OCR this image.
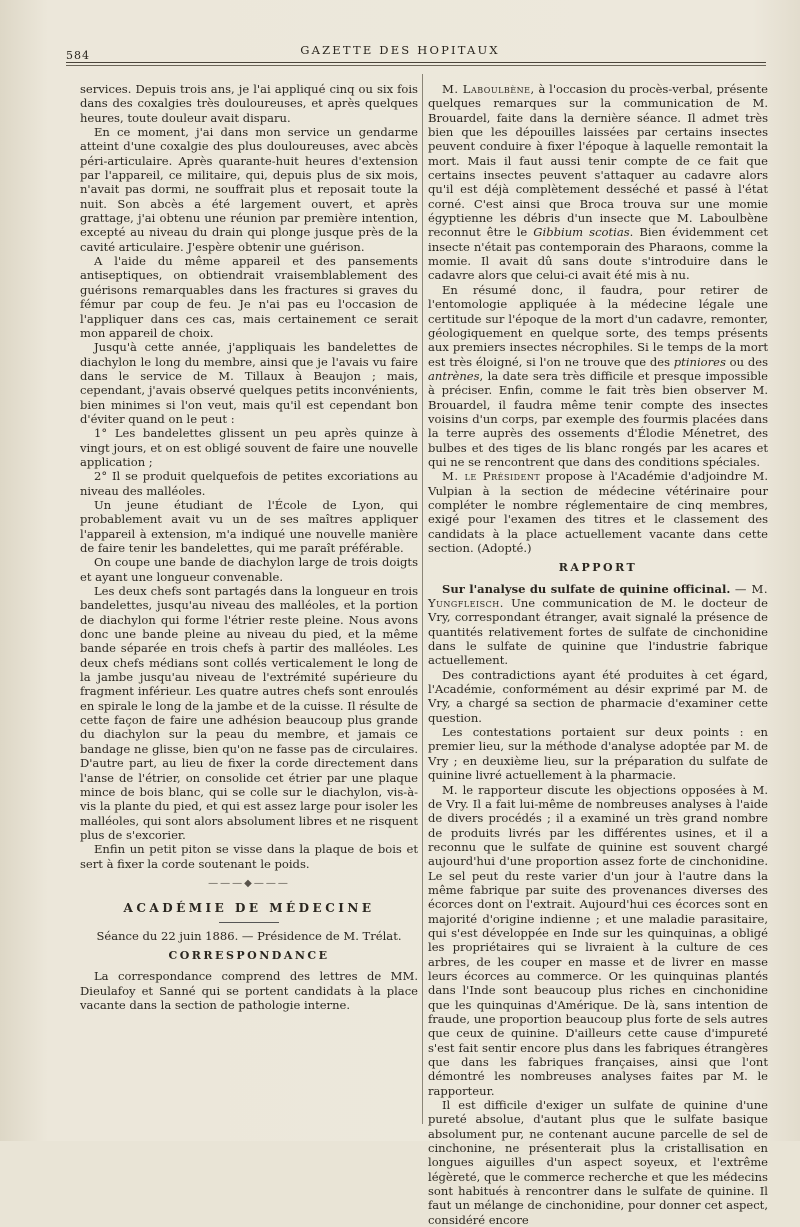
584	GAZETTE DES HOPITAUX

services. Depuis trois ans, je l'ai appliqué cinq ou six fois dans des coxalgies très douloureuses, et après quelques heures, toute douleur avait disparu.

En ce moment, j'ai dans mon service un gendarme atteint d'une coxalgie des plus douloureuses, avec abcès péri-articulaire. Après quarante-huit heures d'extension par l'appareil, ce militaire, qui, depuis plus de six mois, n'avait pas dormi, ne souffrait plus et reposait toute la nuit. Son abcès a été largement ouvert, et après grattage, j'ai obtenu une réunion par première intention, excepté au niveau du drain qui plonge jusque près de la cavité articulaire. J'espère obtenir une guérison.

A l'aide du même appareil et des pansements antiseptiques, on obtiendrait vraisemblablement des guérisons remarquables dans les fractures si graves du fémur par coup de feu. Je n'ai pas eu l'occasion de l'appliquer dans ces cas, mais certainement ce serait mon appareil de choix.

Jusqu'à cette année, j'appliquais les bandelettes de diachylon le long du membre, ainsi que je l'avais vu faire dans le service de M. Tillaux à Beaujon ; mais, cependant, j'avais observé quelques petits inconvénients, bien minimes si l'on veut, mais qu'il est cependant bon d'éviter quand on le peut :

1° Les bandelettes glissent un peu après quinze à vingt jours, et on est obligé souvent de faire une nouvelle application ;

2° Il se produit quelquefois de petites excoriations au niveau des malléoles.

Un jeune étudiant de l'École de Lyon, qui probablement avait vu un de ses maîtres appliquer l'appareil à extension, m'a indiqué une nouvelle manière de faire tenir les bandelettes, qui me paraît préférable.

On coupe une bande de diachylon large de trois doigts et ayant une longueur convenable.

Les deux chefs sont partagés dans la longueur en trois bandelettes, jusqu'au niveau des malléoles, et la portion de diachylon qui forme l'étrier reste pleine. Nous avons donc une bande pleine au niveau du pied, et la même bande séparée en trois chefs à partir des malléoles. Les deux chefs médians sont collés verticalement le long de la jambe jusqu'au niveau de l'extrémité supérieure du fragment inférieur. Les quatre autres chefs sont enroulés en spirale le long de la jambe et de la cuisse. Il résulte de cette façon de faire une adhésion beaucoup plus grande du diachylon sur la peau du membre, et jamais ce bandage ne glisse, bien qu'on ne fasse pas de circulaires. D'autre part, au lieu de fixer la corde directement dans l'anse de l'étrier, on consolide cet étrier par une plaque mince de bois blanc, qui se colle sur le diachylon, vis-à-vis la plante du pied, et qui est assez large pour isoler les malléoles, qui sont alors absolument libres et ne risquent plus de s'excorier.

Enfin un petit piton se visse dans la plaque de bois et sert à fixer la corde soutenant le poids.

———◆———
ACADÉMIE DE MÉDECINE
Séance du 22 juin 1886. — Présidence de M. Trélat.
CORRESPONDANCE

La correspondance comprend des lettres de MM. Dieulafoy et Sanné qui se portent candidats à la place vacante dans la section de pathologie interne.

M. Laboulbène, à l'occasion du procès-verbal, présente quelques remarques sur la communication de M. Brouardel, faite dans la dernière séance. Il admet très bien que les dépouilles laissées par certains insectes peuvent conduire à fixer l'époque à laquelle remontait la mort. Mais il faut aussi tenir compte de ce fait que certains insectes peuvent s'attaquer au cadavre alors qu'il est déjà complètement desséché et passé à l'état corné. C'est ainsi que Broca trouva sur une momie égyptienne les débris d'un insecte que M. Laboulbène reconnut être le Gibbium scotias. Bien évidemment cet insecte n'était pas contemporain des Pharaons, comme la momie. Il avait dû sans doute s'introduire dans le cadavre alors que celui-ci avait été mis à nu.

En résumé donc, il faudra, pour retirer de l'entomologie appliquée à la médecine légale une certitude sur l'époque de la mort d'un cadavre, remonter, géologiquement en quelque sorte, des temps présents aux premiers insectes nécrophiles. Si le temps de la mort est très éloigné, si l'on ne trouve que des ptiniores ou des antrènes, la date sera très difficile et presque impossible à préciser. Enfin, comme le fait très bien observer M. Brouardel, il faudra même tenir compte des insectes voisins d'un corps, par exemple des fourmis placées dans la terre auprès des ossements d'Élodie Ménetret, des bulbes et des tiges de lis blanc rongés par les acares et qui ne se rencontrent que dans des conditions spéciales.

M. le Président propose à l'Académie d'adjoindre M. Vulpian à la section de médecine vétérinaire pour compléter le nombre réglementaire de cinq membres, exigé pour l'examen des titres et le classement des candidats à la place actuellement vacante dans cette section. (Adopté.)

RAPPORT

Sur l'analyse du sulfate de quinine officinal. — M. Yungfleisch. Une communication de M. le docteur de Vry, correspondant étranger, avait signalé la présence de quantités relativement fortes de sulfate de cinchonidine dans le sulfate de quinine que l'industrie fabrique actuellement.

Des contradictions ayant été produites à cet égard, l'Académie, conformément au désir exprimé par M. de Vry, a chargé sa section de pharmacie d'examiner cette question.

Les contestations portaient sur deux points : en premier lieu, sur la méthode d'analyse adoptée par M. de Vry ; en deuxième lieu, sur la préparation du sulfate de quinine livré actuellement à la pharmacie.

M. le rapporteur discute les objections opposées à M. de Vry. Il a fait lui-même de nombreuses analyses à l'aide de divers procédés ; il a examiné un très grand nombre de produits livrés par les différentes usines, et il a reconnu que le sulfate de quinine est souvent chargé aujourd'hui d'une proportion assez forte de cinchonidine. Le sel peut du reste varier d'un jour à l'autre dans la même fabrique par suite des provenances diverses des écorces dont on l'extrait. Aujourd'hui ces écorces sont en majorité d'origine indienne ; et une maladie parasitaire, qui s'est développée en Inde sur les quinquinas, a obligé les propriétaires qui se livraient à la culture de ces arbres, de les couper en masse et de livrer en masse leurs écorces au commerce. Or les quinquinas plantés dans l'Inde sont beaucoup plus riches en cinchonidine que les quinquinas d'Amérique. De là, sans intention de fraude, une proportion beaucoup plus forte de sels autres que ceux de quinine. D'ailleurs cette cause d'impureté s'est fait sentir encore plus dans les fabriques étrangères que dans les fabriques françaises, ainsi que l'ont démontré les nombreuses analyses faites par M. le rapporteur.

Il est difficile d'exiger un sulfate de quinine d'une pureté absolue, d'autant plus que le sulfate basique absolument pur, ne contenant aucune parcelle de sel de cinchonine, ne présenterait plus la cristallisation en longues aiguilles d'un aspect soyeux, et l'extrême légèreté, que le commerce recherche et que les médecins sont habitués à rencontrer dans le sulfate de quinine. Il faut un mélange de cinchonidine, pour donner cet aspect, considéré encore
